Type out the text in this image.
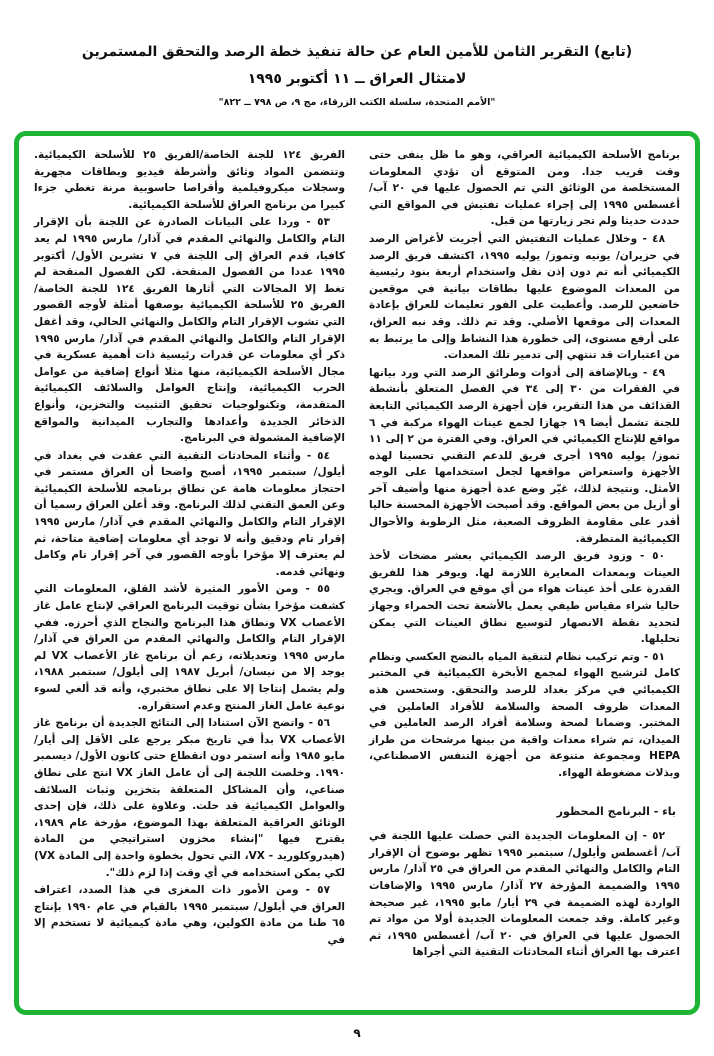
(تابع) التقرير الثامن للأمين العام عن حالة تنفيذ خطة الرصد والتحقق المستمرين
لامتثال العراق ــ ١١ أكتوبر ١٩٩٥
"الأمم المتحدة، سلسلة الكتب الزرقاء، مج ٩، ص ٧٩٨ ــ ٨٢٢"

برنامج الأسلحة الكيميائية العراقي، وهو ما ظل ينفى حتى وقت قريب جدا. ومن المتوقع أن تؤدي المعلومات المستخلصة من الوثائق التي تم الحصول عليها في ٢٠ آب/ أغسطس ١٩٩٥ إلى إجراء عمليات تفتيش في المواقع التي حددت حديثا ولم تجر زيارتها من قبل.

٤٨ - وخلال عمليات التفتيش التي أجريت لأغراض الرصد في حزيران/ يونيه وتموز/ يوليه ١٩٩٥، اكتشف فريق الرصد الكيميائي أنه تم دون إذن نقل واستخدام أربعة بنود رئيسية من المعدات الموضوع عليها بطاقات بيانية في موقعين خاضعين للرصد. وأعطيت على الفور تعليمات للعراق بإعادة المعدات إلى موقعها الأصلي. وقد تم ذلك. وقد نبه العراق، على أرفع مستوى، إلى خطورة هذا النشاط وإلى ما يرتبط به من اعتبارات قد تنتهي إلى تدمير تلك المعدات.

٤٩ - وبالإضافة إلى أدوات وطرائق الرصد التي ورد بيانها في الفقرات من ٣٠ إلى ٣٤ في الفصل المتعلق بأنشطة القذائف من هذا التقرير، فإن أجهزة الرصد الكيميائي التابعة للجنة تشمل أيضا ١٩ جهازا لجمع عينات الهواء مركبة في ٦ مواقع للإنتاج الكيميائي في العراق. وفي الفترة من ٢ إلى ١١ تموز/ يوليه ١٩٩٥ أجرى فريق للدعم التقني تحسينا لهذه الأجهزة واستعراض مواقعها لجعل استخدامها على الوجه الأمثل. ونتيجة لذلك، غيّر وضع عدة أجهزة منها وأضيف آخر أو أزيل من بعض المواقع. وقد أصبحت الأجهزة المحسنة حاليا أقدر على مقاومة الظروف الصعبة، مثل الرطوبة والأحوال الكيميائية المتطرفة.

٥٠ - وزود فريق الرصد الكيميائي بعشر مضخات لأخذ العينات وبمعدات المعايرة اللازمة لها. ويوفر هذا للفريق القدرة على أخذ عينات هواء من أي موقع في العراق. ويجري حاليا شراء مقياس طيفي يعمل بالأشعة تحت الحمراء وجهاز لتحديد نقطة الانصهار لتوسيع نطاق العينات التي يمكن تحليلها.

٥١ - وتم تركيب نظام لتنقية المياه بالنضح العكسي ونظام كامل لترشيح الهواء لمجمع الأبخرة الكيميائية في المختبر الكيميائي في مركز بغداد للرصد والتحقق. وستحسن هذه المعدات ظروف الصحة والسلامة للأفراد العاملين في المختبر. وضمانا لصحة وسلامة أفراد الرصد العاملين في الميدان، تم شراء معدات واقية من بينها مرشحات من طراز HEPA ومجموعة متنوعة من أجهزة التنفس الاصطناعي، وبذلات مضغوطة الهواء.

باء - البرنامج المحظور

٥٢ - إن المعلومات الجديدة التي حصلت عليها اللجنة في آب/ أغسطس وأيلول/ سبتمبر ١٩٩٥ تظهر بوضوح أن الإقرار التام والكامل والنهائي المقدم من العراق في ٢٥ آذار/ مارس ١٩٩٥ والضميمة المؤرخة ٢٧ آذار/ مارس ١٩٩٥ والإضافات الواردة لهذه الضميمة في ٢٩ أيار/ مايو ١٩٩٥، غير صحيحة وغير كاملة. وقد جمعت المعلومات الجديدة أولا من مواد تم الحصول عليها في العراق في ٢٠ آب/ أغسطس ١٩٩٥، ثم اعترف بها العراق أثناء المحادثات التقنية التي أجراها

الفريق ١٢٤ للجنة الخاصة/الفريق ٢٥ للأسلحة الكيميائية. وتتضمن المواد وثائق وأشرطة فيديو وبطاقات مجهرية وسجلات ميكروفيلمية وأقراصا حاسوبية مرنة تغطي جزءا كبيرا من برنامج العراق للأسلحة الكيميائية.

٥٣ - وردا على البيانات الصادرة عن اللجنة بأن الإقرار التام والكامل والنهائي المقدم في آذار/ مارس ١٩٩٥ لم يعد كافيا، قدم العراق إلى اللجنة في ٧ تشرين الأول/ أكتوبر ١٩٩٥ عددا من الفصول المنقحة. لكن الفصول المنقحة لم تغط إلا المجالات التي أثارها الفريق ١٢٤ للجنة الخاصة/ الفريق ٢٥ للأسلحة الكيميائية بوصفها أمثلة لأوجه القصور التي تشوب الإقرار التام والكامل والنهائي الحالي، وقد أغفل الإقرار التام والكامل والنهائي المقدم في آذار/ مارس ١٩٩٥ ذكر أي معلومات عن قدرات رئيسية ذات أهمية عسكرية في مجال الأسلحة الكيميائية، منها مثلا أنواع إضافية من عوامل الحرب الكيميائية، وإنتاج العوامل والسلائف الكيميائية المتقدمة، وتكنولوجيات تحقيق التثبيت والتخزين، وأنواع الذخائر الجديدة وأعدادها والتجارب الميدانية والمواقع الإضافية المشمولة في البرنامج.

٥٤ - وأثناء المحادثات التقنية التي عقدت في بغداد في أيلول/ سبتمبر ١٩٩٥، أصبح واضحا أن العراق مستمر في احتجاز معلومات هامة عن نطاق برنامجه للأسلحة الكيميائية وعن العمق التقني لذلك البرنامج. وقد أعلن العراق رسميا أن الإقرار التام والكامل والنهائي المقدم في آذار/ مارس ١٩٩٥ إقرار تام ودقيق وأنه لا توجد أي معلومات إضافية متاحة، ثم لم يعترف إلا مؤخرا بأوجه القصور في آخر إقرار تام وكامل ونهائي قدمه.

٥٥ - ومن الأمور المثيرة لأشد القلق، المعلومات التي كشفت مؤخرا بشأن توقيت البرنامج العراقي لإنتاج عامل غاز الأعصاب VX ونطاق هذا البرنامج والنجاح الذي أحرزه. ففي الإقرار التام والكامل والنهائي المقدم من العراق في آذار/ مارس ١٩٩٥ وتعديلاته، زعم أن برنامج غاز الأعصاب VX لم يوجد إلا من نيسان/ أبريل ١٩٨٧ إلى أيلول/ سبتمبر ١٩٨٨، ولم يشمل إنتاجا إلا على نطاق مختبري، وأنه قد ألغي لسوء نوعية عامل الغاز المنتج وعدم استقراره.

٥٦ - واتضح الآن استنادا إلى النتائج الجديدة أن برنامج غاز الأعصاب VX بدأ في تاريخ مبكر يرجع على الأقل إلى أيار/ مايو ١٩٨٥ وأنه استمر دون انقطاع حتى كانون الأول/ ديسمبر ١٩٩٠. وخلصت اللجنة إلى أن عامل الغاز VX انتج على نطاق صناعي، وأن المشاكل المتعلقة بتخزين وثبات السلائف والعوامل الكيميائية قد حلت. وعلاوة على ذلك، فإن إحدى الوثائق العراقية المتعلقة بهذا الموضوع، مؤرخة عام ١٩٨٩، يقترح فيها "إنشاء مخزون استراتيجي من المادة (هيدروكلوريد - VX، التي تحول بخطوة واحدة إلى المادة VX) لكي يمكن استخدامه في أي وقت إذا لزم ذلك".

٥٧ - ومن الأمور ذات المغزى في هذا الصدد، اعتراف العراق في أيلول/ سبتمبر ١٩٩٥ بالقيام في عام ١٩٩٠ بإنتاج ٦٥ طنا من مادة الكولين، وهي مادة كيميائية لا تستخدم إلا في

٩
